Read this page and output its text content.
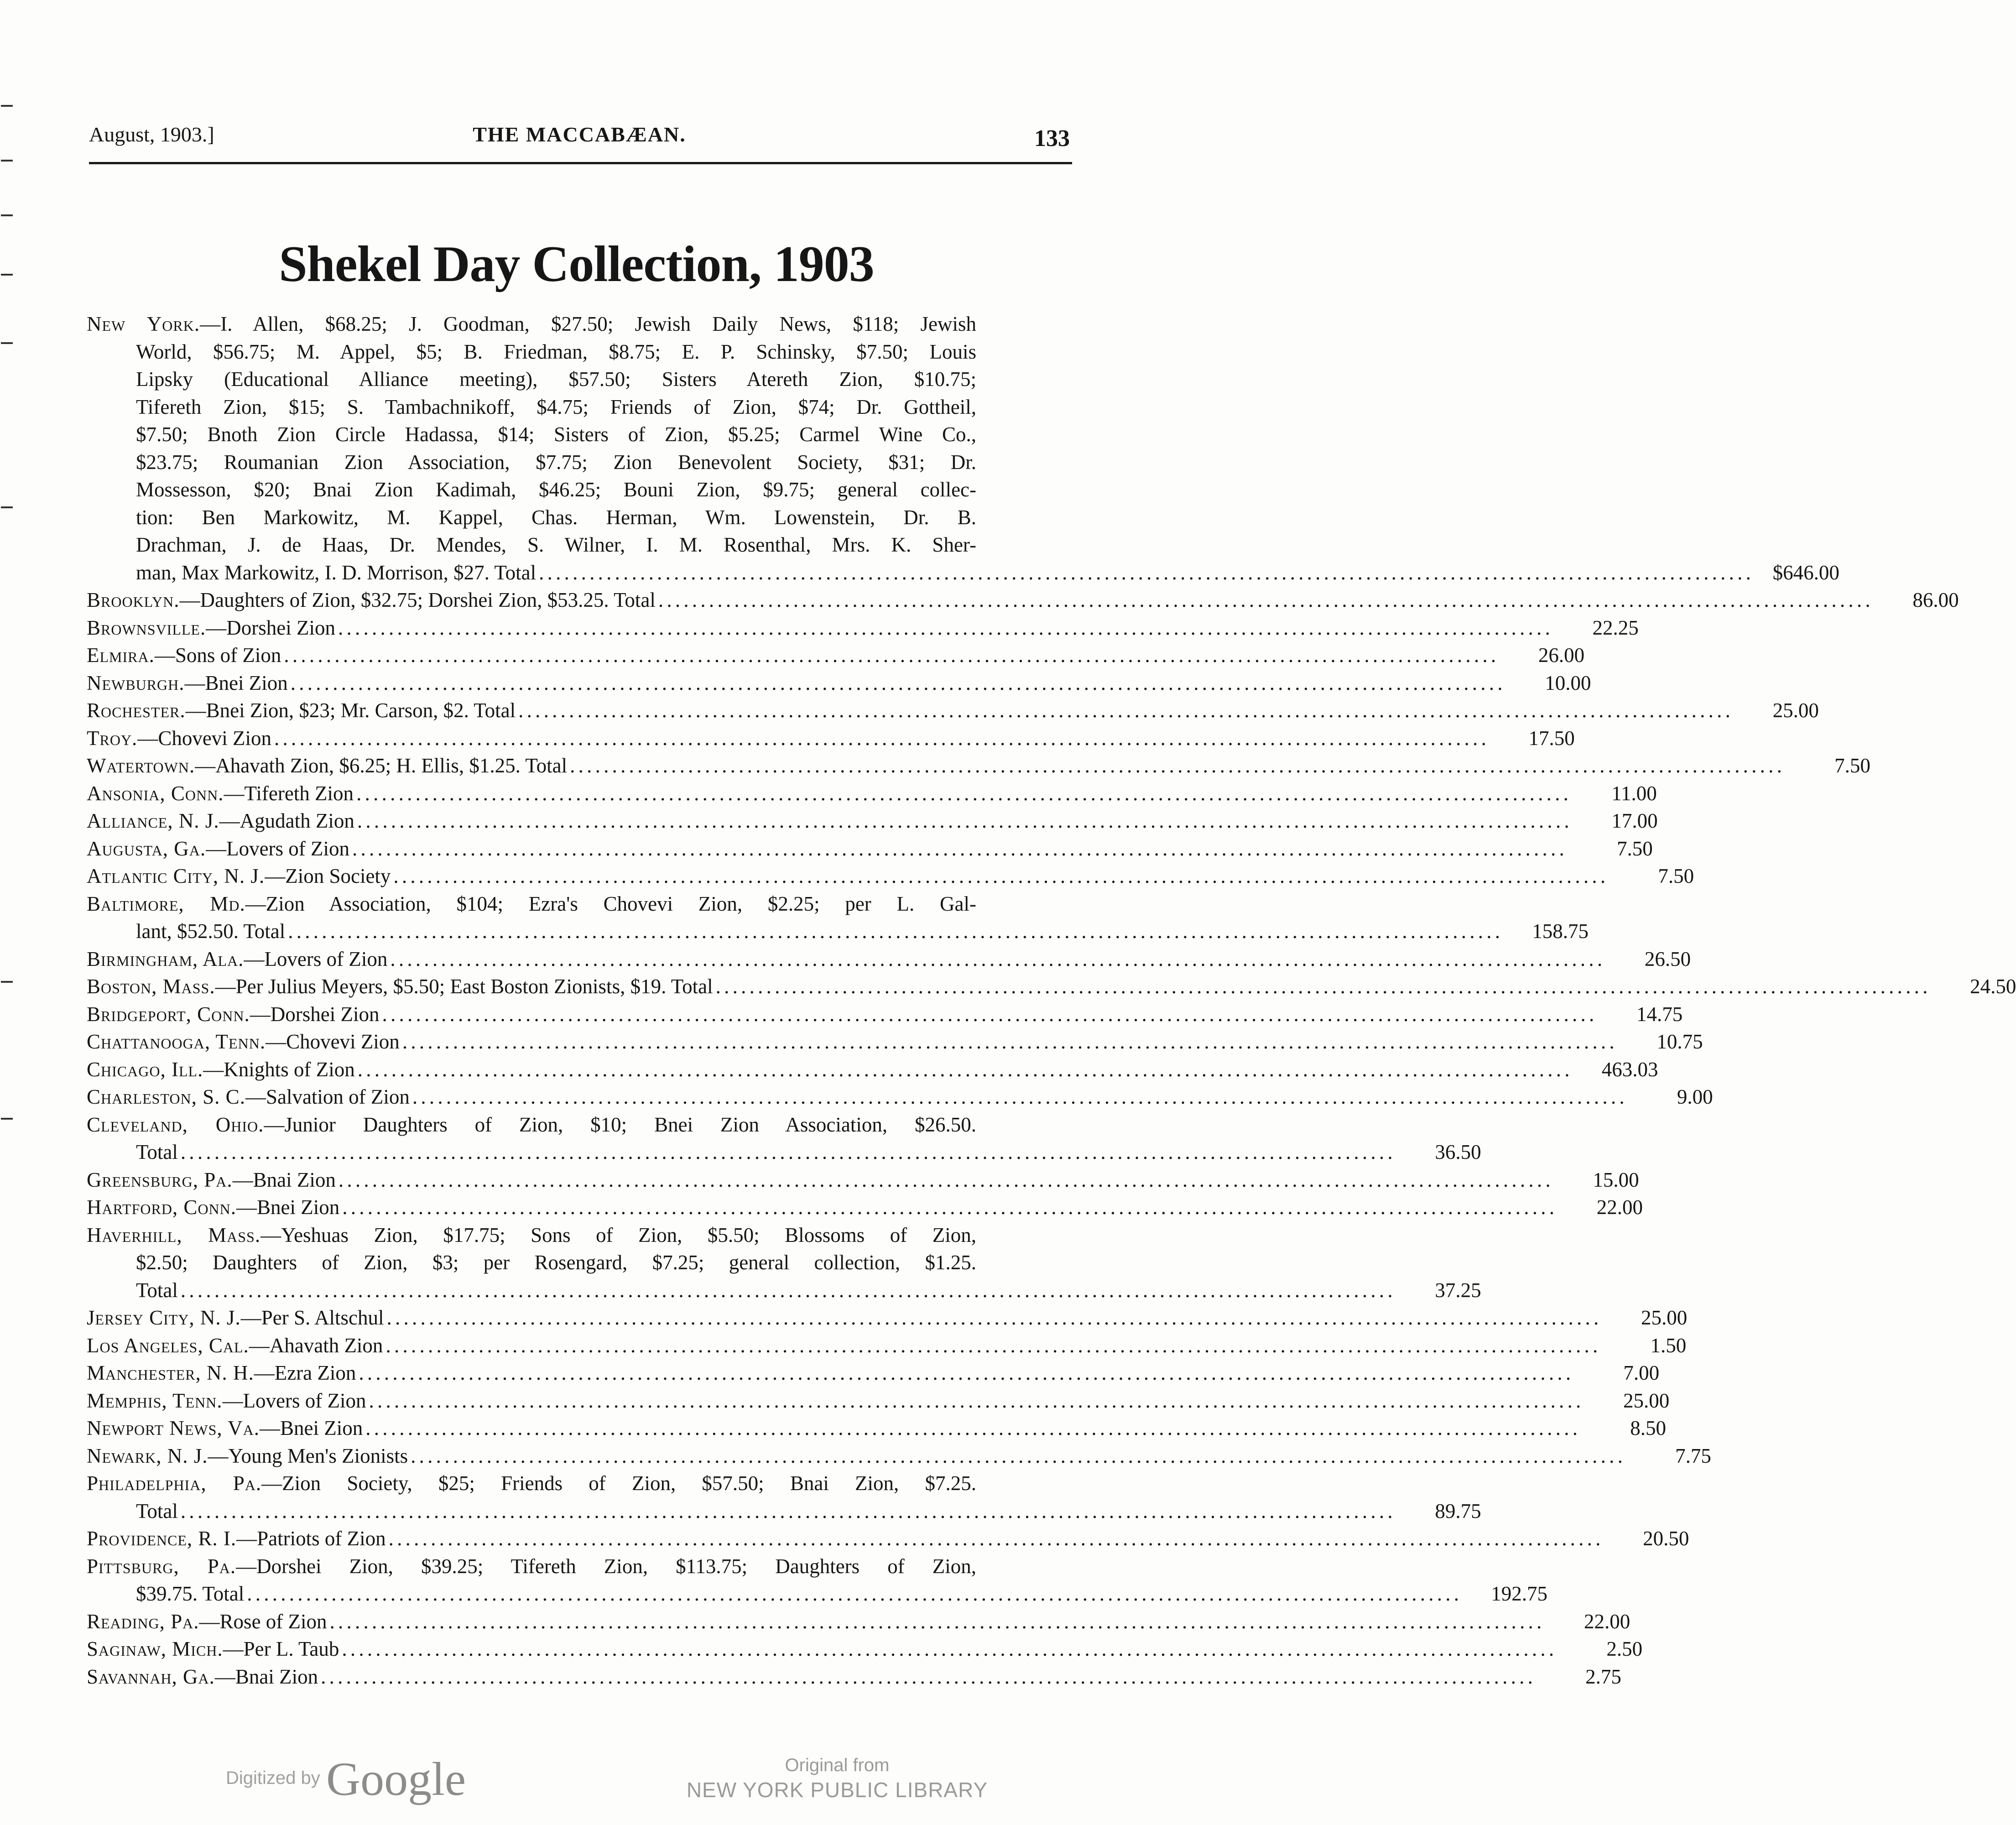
August, 1903.]	THE MACCABÆAN.	133
Shekel Day Collection, 1903
New York.—I. Allen, $68.25; J. Goodman, $27.50; Jewish Daily News, $118; Jewish
World, $56.75; M. Appel, $5; B. Friedman, $8.75; E. P. Schinsky, $7.50; Louis
Lipsky (Educational Alliance meeting), $57.50; Sisters Atereth Zion, $10.75;
Tifereth Zion, $15; S. Tambachnikoff, $4.75; Friends of Zion, $74; Dr. Gottheil,
$7.50; Bnoth Zion Circle Hadassa, $14; Sisters of Zion, $5.25; Carmel Wine Co.,
$23.75; Roumanian Zion Association, $7.75; Zion Benevolent Society, $31; Dr.
Mossesson, $20; Bnai Zion Kadimah, $46.25; Bouni Zion, $9.75; general collec-
tion: Ben Markowitz, M. Kappel, Chas. Herman, Wm. Lowenstein, Dr. B.
Drachman, J. de Haas, Dr. Mendes, S. Wilner, I. M. Rosenthal, Mrs. K. Sher-
man, Max Markowitz, I. D. Morrison, $27. Total . . .	$646.00
Brooklyn.—Daughters of Zion, $32.75; Dorshei Zion, $53.25. Total . . .	86.00
Brownsville.—Dorshei Zion . . .	22.25
Elmira.—Sons of Zion . . .	26.00
Newburgh.—Bnei Zion . . .	10.00
Rochester.—Bnei Zion, $23; Mr. Carson, $2. Total . . .	25.00
Troy.—Chovevi Zion . . .	17.50
Watertown.—Ahavath Zion, $6.25; H. Ellis, $1.25. Total . . .	7.50
Ansonia, Conn.—Tifereth Zion . . .	11.00
Alliance, N. J.—Agudath Zion . . .	17.00
Augusta, Ga.—Lovers of Zion . . .	7.50
Atlantic City, N. J.—Zion Society . . .	7.50
Baltimore, Md.—Zion Association, $104; Ezra's Chovevi Zion, $2.25; per L. Gal-
lant, $52.50. Total . . .	158.75
Birmingham, Ala.—Lovers of Zion . . .	26.50
Boston, Mass.—Per Julius Meyers, $5.50; East Boston Zionists, $19. Total . . .	24.50
Bridgeport, Conn.—Dorshei Zion . . .	14.75
Chattanooga, Tenn.—Chovevi Zion . . .	10.75
Chicago, Ill.—Knights of Zion . . .	463.03
Charleston, S. C.—Salvation of Zion . . .	9.00
Cleveland, Ohio.—Junior Daughters of Zion, $10; Bnei Zion Association, $26.50.
Total . . .	36.50
Greensburg, Pa.—Bnai Zion . . .	15.00
Hartford, Conn.—Bnei Zion . . .	22.00
Haverhill, Mass.—Yeshuas Zion, $17.75; Sons of Zion, $5.50; Blossoms of Zion,
$2.50; Daughters of Zion, $3; per Rosengard, $7.25; general collection, $1.25.
Total . . .	37.25
Jersey City, N. J.—Per S. Altschul . . .	25.00
Los Angeles, Cal.—Ahavath Zion . . .	1.50
Manchester, N. H.—Ezra Zion . . .	7.00
Memphis, Tenn.—Lovers of Zion . . .	25.00
Newport News, Va.—Bnei Zion . . .	8.50
Newark, N. J.—Young Men's Zionists . . .	7.75
Philadelphia, Pa.—Zion Society, $25; Friends of Zion, $57.50; Bnai Zion, $7.25.
Total . . .	89.75
Providence, R. I.—Patriots of Zion . . .	20.50
Pittsburg, Pa.—Dorshei Zion, $39.25; Tifereth Zion, $113.75; Daughters of Zion,
$39.75. Total . . .	192.75
Reading, Pa.—Rose of Zion . . .	22.00
Saginaw, Mich.—Per L. Taub . . .	2.50
Savannah, Ga.—Bnai Zion . . .	2.75
Digitized by Google	Original from
NEW YORK PUBLIC LIBRARY
